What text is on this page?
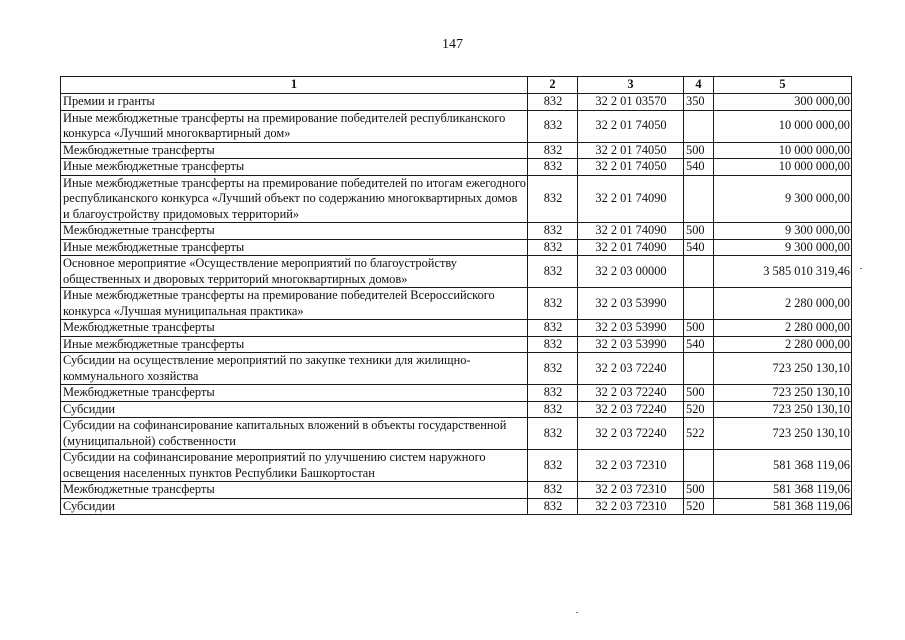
147
1	2	3	4	5
Премии и гранты	832	32 2 01 03570	350	300 000,00
Иные межбюджетные трансферты на премирование победителей республиканского конкурса «Лучший многоквартирный дом»	832	32 2 01 74050		10 000 000,00
Межбюджетные трансферты	832	32 2 01 74050	500	10 000 000,00
Иные межбюджетные трансферты	832	32 2 01 74050	540	10 000 000,00
Иные межбюджетные трансферты на премирование победителей по итогам ежегодного республиканского конкурса «Лучший объект по содержанию многоквартирных домов и благоустройству придомовых территорий»	832	32 2 01 74090		9 300 000,00
Межбюджетные трансферты	832	32 2 01 74090	500	9 300 000,00
Иные межбюджетные трансферты	832	32 2 01 74090	540	9 300 000,00
Основное мероприятие «Осуществление мероприятий по благоустройству общественных и дворовых территорий многоквартирных домов»	832	32 2 03 00000		3 585 010 319,46
Иные межбюджетные трансферты на премирование победителей Всероссийского конкурса «Лучшая муниципальная практика»	832	32 2 03 53990		2 280 000,00
Межбюджетные трансферты	832	32 2 03 53990	500	2 280 000,00
Иные межбюджетные трансферты	832	32 2 03 53990	540	2 280 000,00
Субсидии на осуществление мероприятий по закупке техники для жилищно-коммунального хозяйства	832	32 2 03 72240		723 250 130,10
Межбюджетные трансферты	832	32 2 03 72240	500	723 250 130,10
Субсидии	832	32 2 03 72240	520	723 250 130,10
Субсидии на софинансирование капитальных вложений в объекты государственной (муниципальной) собственности	832	32 2 03 72240	522	723 250 130,10
Субсидии на софинансирование мероприятий по улучшению систем наружного освещения населенных пунктов Республики Башкортостан	832	32 2 03 72310		581 368 119,06
Межбюджетные трансферты	832	32 2 03 72310	500	581 368 119,06
Субсидии	832	32 2 03 72310	520	581 368 119,06
